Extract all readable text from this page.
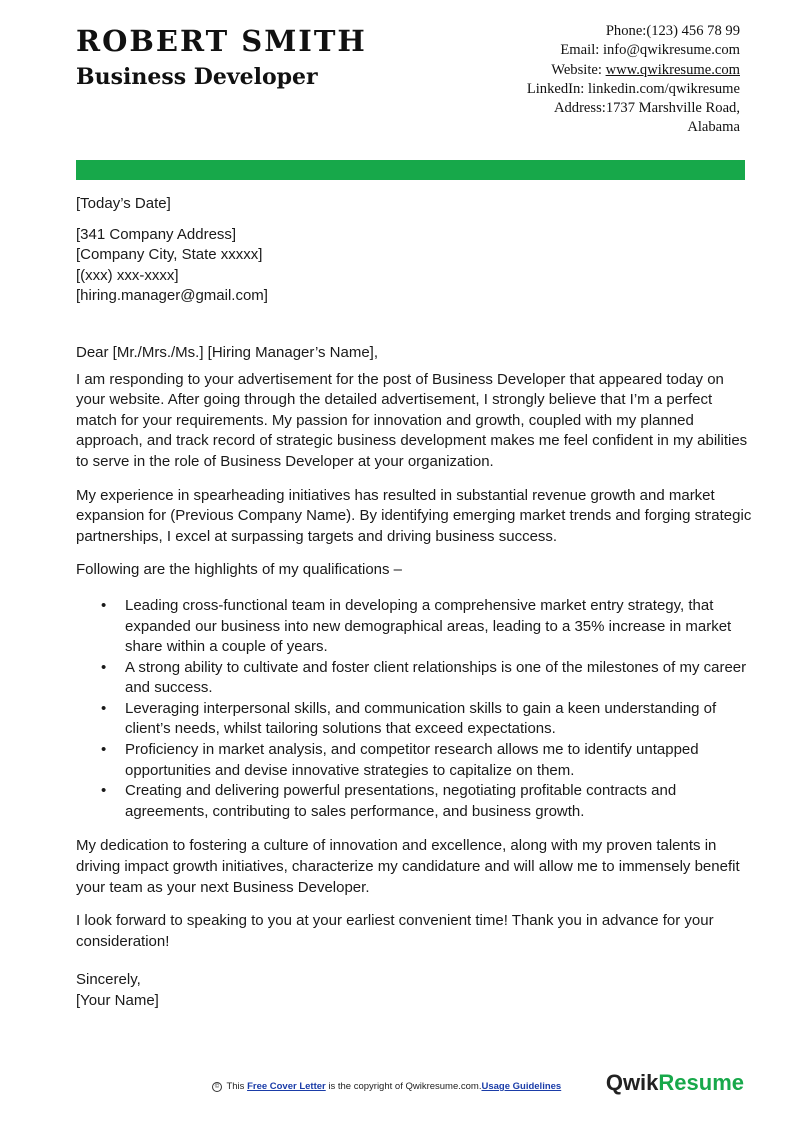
ROBERT SMITH
Business Developer
Phone:(123) 456 78 99
Email: info@qwikresume.com
Website: www.qwikresume.com
LinkedIn: linkedin.com/qwikresume
Address:1737 Marshville Road,
Alabama

[Today’s Date]

[341 Company Address]

[Company City, State xxxxx]

[(xxx) xxx-xxxx]

[hiring.manager@gmail.com]

Dear [Mr./Mrs./Ms.] [Hiring Manager’s Name],

I am responding to your advertisement for the post of Business Developer that appeared today on your website. After going through the detailed advertisement, I strongly believe that I’m a perfect match for your requirements. My passion for innovation and growth, coupled with my planned approach, and track record of strategic business development makes me feel confident in my abilities to serve in the role of Business Developer at your organization.

My experience in spearheading initiatives has resulted in substantial revenue growth and market expansion for (Previous Company Name). By identifying emerging market trends and forging strategic partnerships, I excel at surpassing targets and driving business success.

Following are the highlights of my qualifications –

• Leading cross-functional team in developing a comprehensive market entry strategy, that expanded our business into new demographical areas, leading to a 35% increase in market share within a couple of years.
• A strong ability to cultivate and foster client relationships is one of the milestones of my career and success.
• Leveraging interpersonal skills, and communication skills to gain a keen understanding of client’s needs, whilst tailoring solutions that exceed expectations.
• Proficiency in market analysis, and competitor research allows me to identify untapped opportunities and devise innovative strategies to capitalize on them.
• Creating and delivering powerful presentations, negotiating profitable contracts and agreements, contributing to sales performance, and business growth.

My dedication to fostering a culture of innovation and excellence, along with my proven talents in driving impact growth initiatives, characterize my candidature and will allow me to immensely benefit your team as your next Business Developer.

I look forward to speaking to you at your earliest convenient time! Thank you in advance for your consideration!

Sincerely,

[Your Name]

© This Free Cover Letter is the copyright of Qwikresume.com.Usage Guidelines QwikResume
